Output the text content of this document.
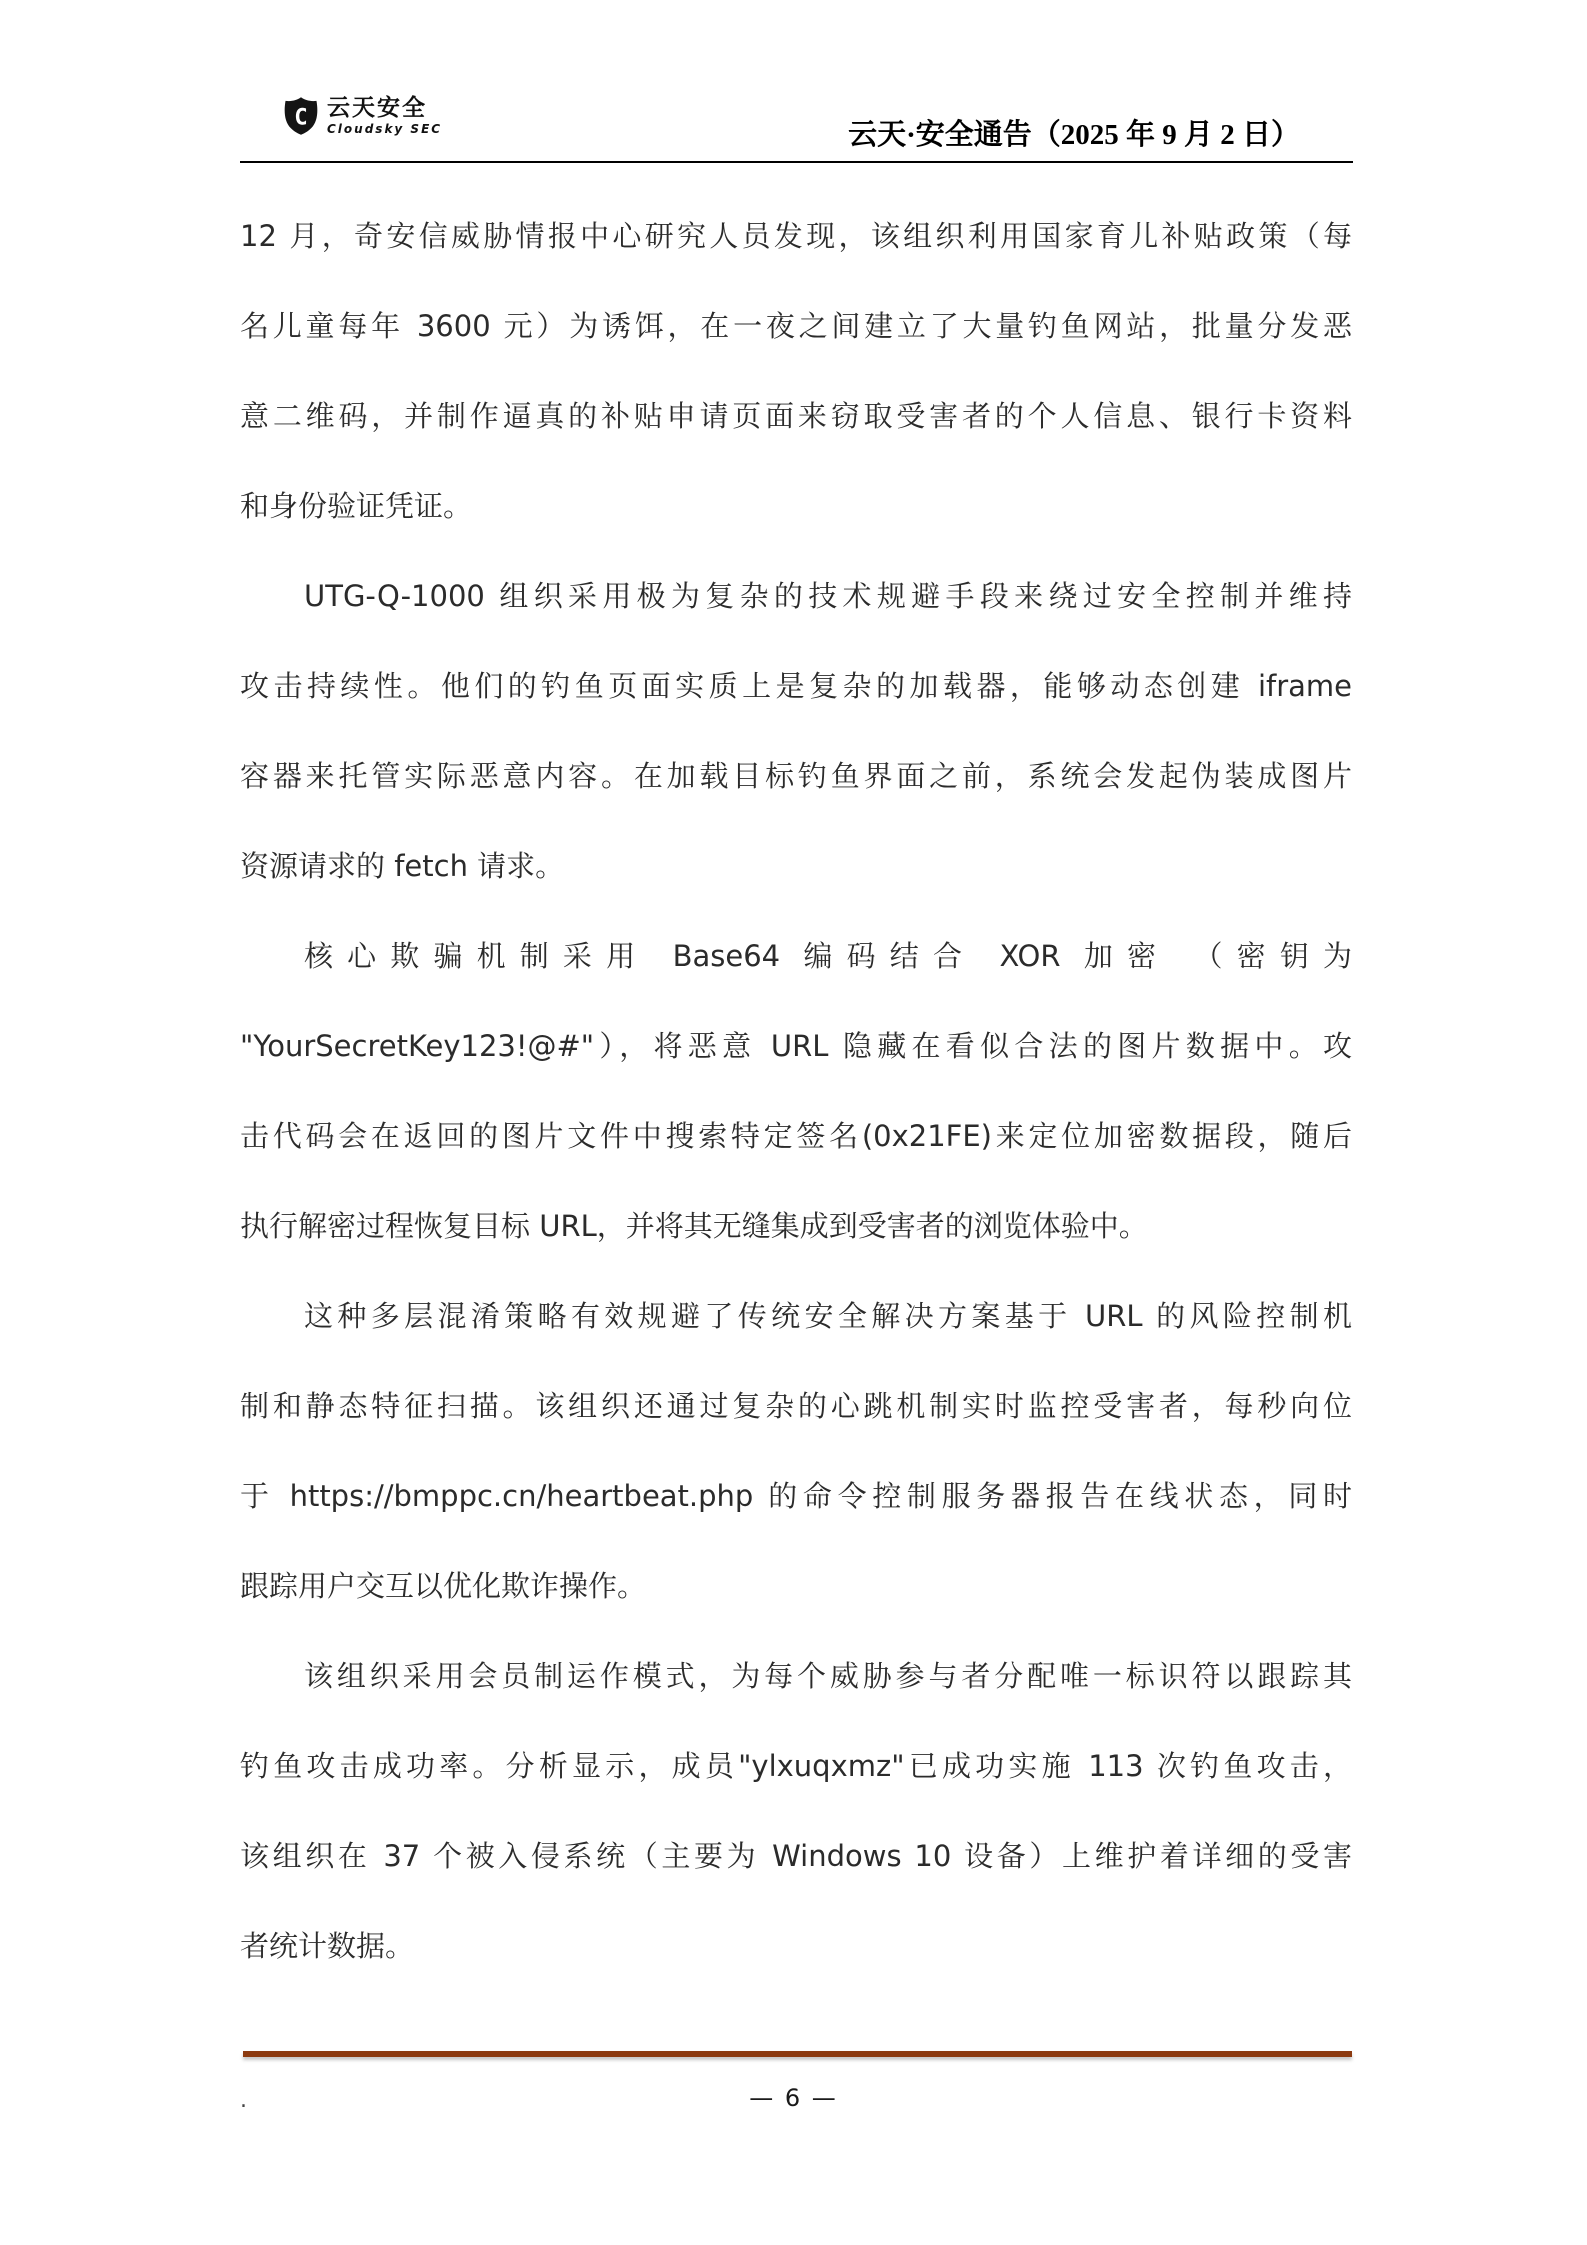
C 云天安全
Cloudsky SEC	云天·安全通告（2025 年 9 月 2 日）
12 月，奇安信威胁情报中心研究人员发现，该组织利用国家育儿补贴政策（每
名儿童每年 3600 元）为诱饵，在一夜之间建立了大量钓鱼网站，批量分发恶
意二维码，并制作逼真的补贴申请页面来窃取受害者的个人信息、银行卡资料
和身份验证凭证。
UTG-Q-1000 组织采用极为复杂的技术规避手段来绕过安全控制并维持
攻击持续性。他们的钓鱼页面实质上是复杂的加载器，能够动态创建 iframe
容器来托管实际恶意内容。在加载目标钓鱼界面之前，系统会发起伪装成图片
资源请求的 fetch 请求。
核心欺骗机制采用 Base64 编码结合 XOR 加密 （密钥为
"YourSecretKey123!@#"），将恶意 URL 隐藏在看似合法的图片数据中。攻
击代码会在返回的图片文件中搜索特定签名(0x21FE)来定位加密数据段，随后
执行解密过程恢复目标 URL，并将其无缝集成到受害者的浏览体验中。
这种多层混淆策略有效规避了传统安全解决方案基于 URL 的风险控制机
制和静态特征扫描。该组织还通过复杂的心跳机制实时监控受害者，每秒向位
于 https://bmppc.cn/heartbeat.php 的命令控制服务器报告在线状态，同时
跟踪用户交互以优化欺诈操作。
该组织采用会员制运作模式，为每个威胁参与者分配唯一标识符以跟踪其
钓鱼攻击成功率。分析显示，成员"ylxuqxmz"已成功实施 113 次钓鱼攻击，
该组织在 37 个被入侵系统（主要为 Windows 10 设备）上维护着详细的受害
者统计数据。
.	— 6 —
